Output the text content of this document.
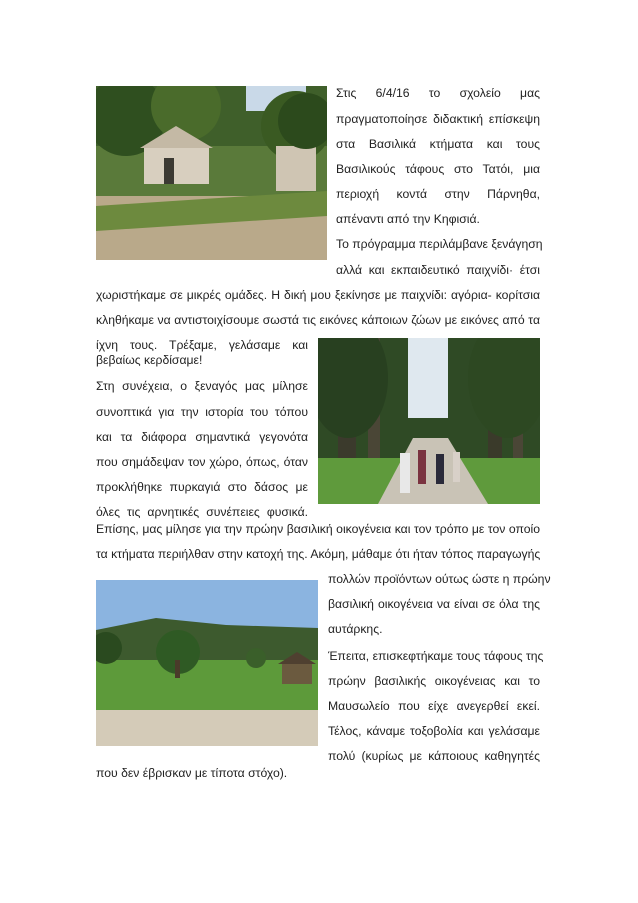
Στις 6/4/16 το σχολείο μας
πραγματοποίησε διδακτική επίσκεψη
στα Βασιλικά κτήματα και τους
Βασιλικούς τάφους στο Τατόι, μια
περιοχή κοντά στην Πάρνηθα,
απέναντι από την Κηφισιά.
Το πρόγραμμα περιλάμβανε ξενάγηση
αλλά και εκπαιδευτικό παιχνίδι· έτσι
χωριστήκαμε σε μικρές ομάδες. Η δική μου ξεκίνησε με παιχνίδι: αγόρια- κορίτσια
κληθήκαμε να αντιστοιχίσουμε σωστά τις εικόνες κάποιων ζώων με εικόνες από τα
ίχνη τους. Τρέξαμε, γελάσαμε και
βεβαίως κερδίσαμε!
Στη συνέχεια, ο ξεναγός μας μίλησε
συνοπτικά για την ιστορία του τόπου
και τα διάφορα σημαντικά γεγονότα
που σημάδεψαν τον χώρο, όπως, όταν
προκλήθηκε πυρκαγιά στο δάσος με
όλες τις αρνητικές συνέπειες φυσικά.
Επίσης, μας μίλησε για την πρώην βασιλική οικογένεια και τον τρόπο με τον οποίο
τα κτήματα περιήλθαν στην κατοχή της. Ακόμη, μάθαμε ότι ήταν τόπος παραγωγής
πολλών προϊόντων ούτως ώστε η πρώην
βασιλική οικογένεια να είναι σε όλα της
αυτάρκης.
Έπειτα, επισκεφτήκαμε τους τάφους της
πρώην βασιλικής οικογένειας και το
Μαυσωλείο που είχε ανεγερθεί εκεί.
Τέλος, κάναμε τοξοβολία και γελάσαμε
πολύ (κυρίως με κάποιους καθηγητές
που δεν έβρισκαν με τίποτα στόχο).
